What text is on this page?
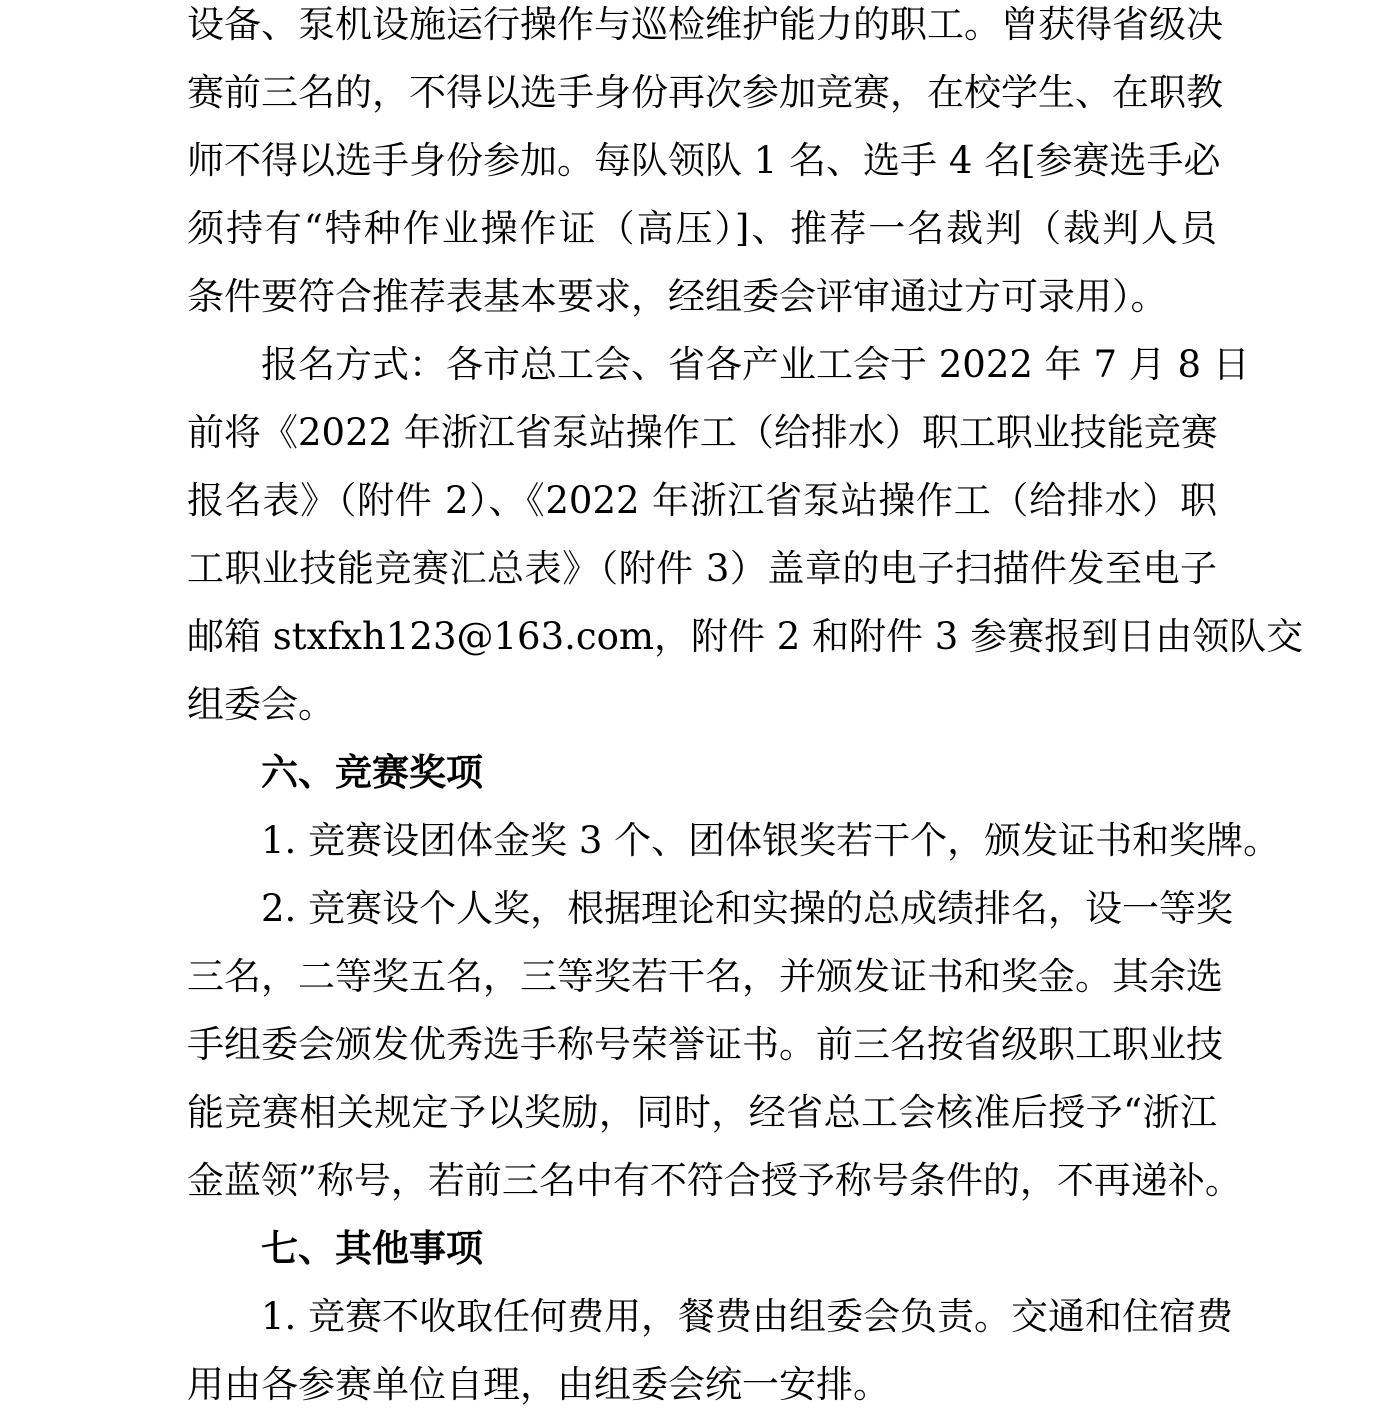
设备、泵机设施运行操作与巡检维护能力的职工。曾获得省级决
赛前三名的，不得以选手身份再次参加竞赛，在校学生、在职教
师不得以选手身份参加。每队领队 1 名、选手 4 名[参赛选手必
须持有“特种作业操作证（高压）]、推荐一名裁判（裁判人员
条件要符合推荐表基本要求，经组委会评审通过方可录用）。
报名方式：各市总工会、省各产业工会于 2022 年 7 月 8 日
前将《2022 年浙江省泵站操作工（给排水）职工职业技能竞赛
报名表》（附件 2）、《2022 年浙江省泵站操作工（给排水）职
工职业技能竞赛汇总表》（附件 3）盖章的电子扫描件发至电子
邮箱 stxfxh123@163.com，附件 2 和附件 3 参赛报到日由领队交
组委会。
六、竞赛奖项
1. 竞赛设团体金奖 3 个、团体银奖若干个，颁发证书和奖牌。
2. 竞赛设个人奖，根据理论和实操的总成绩排名，设一等奖
三名，二等奖五名，三等奖若干名，并颁发证书和奖金。其余选
手组委会颁发优秀选手称号荣誉证书。前三名按省级职工职业技
能竞赛相关规定予以奖励，同时，经省总工会核准后授予“浙江
金蓝领”称号，若前三名中有不符合授予称号条件的，不再递补。
七、其他事项
1. 竞赛不收取任何费用，餐费由组委会负责。交通和住宿费
用由各参赛单位自理，由组委会统一安排。
